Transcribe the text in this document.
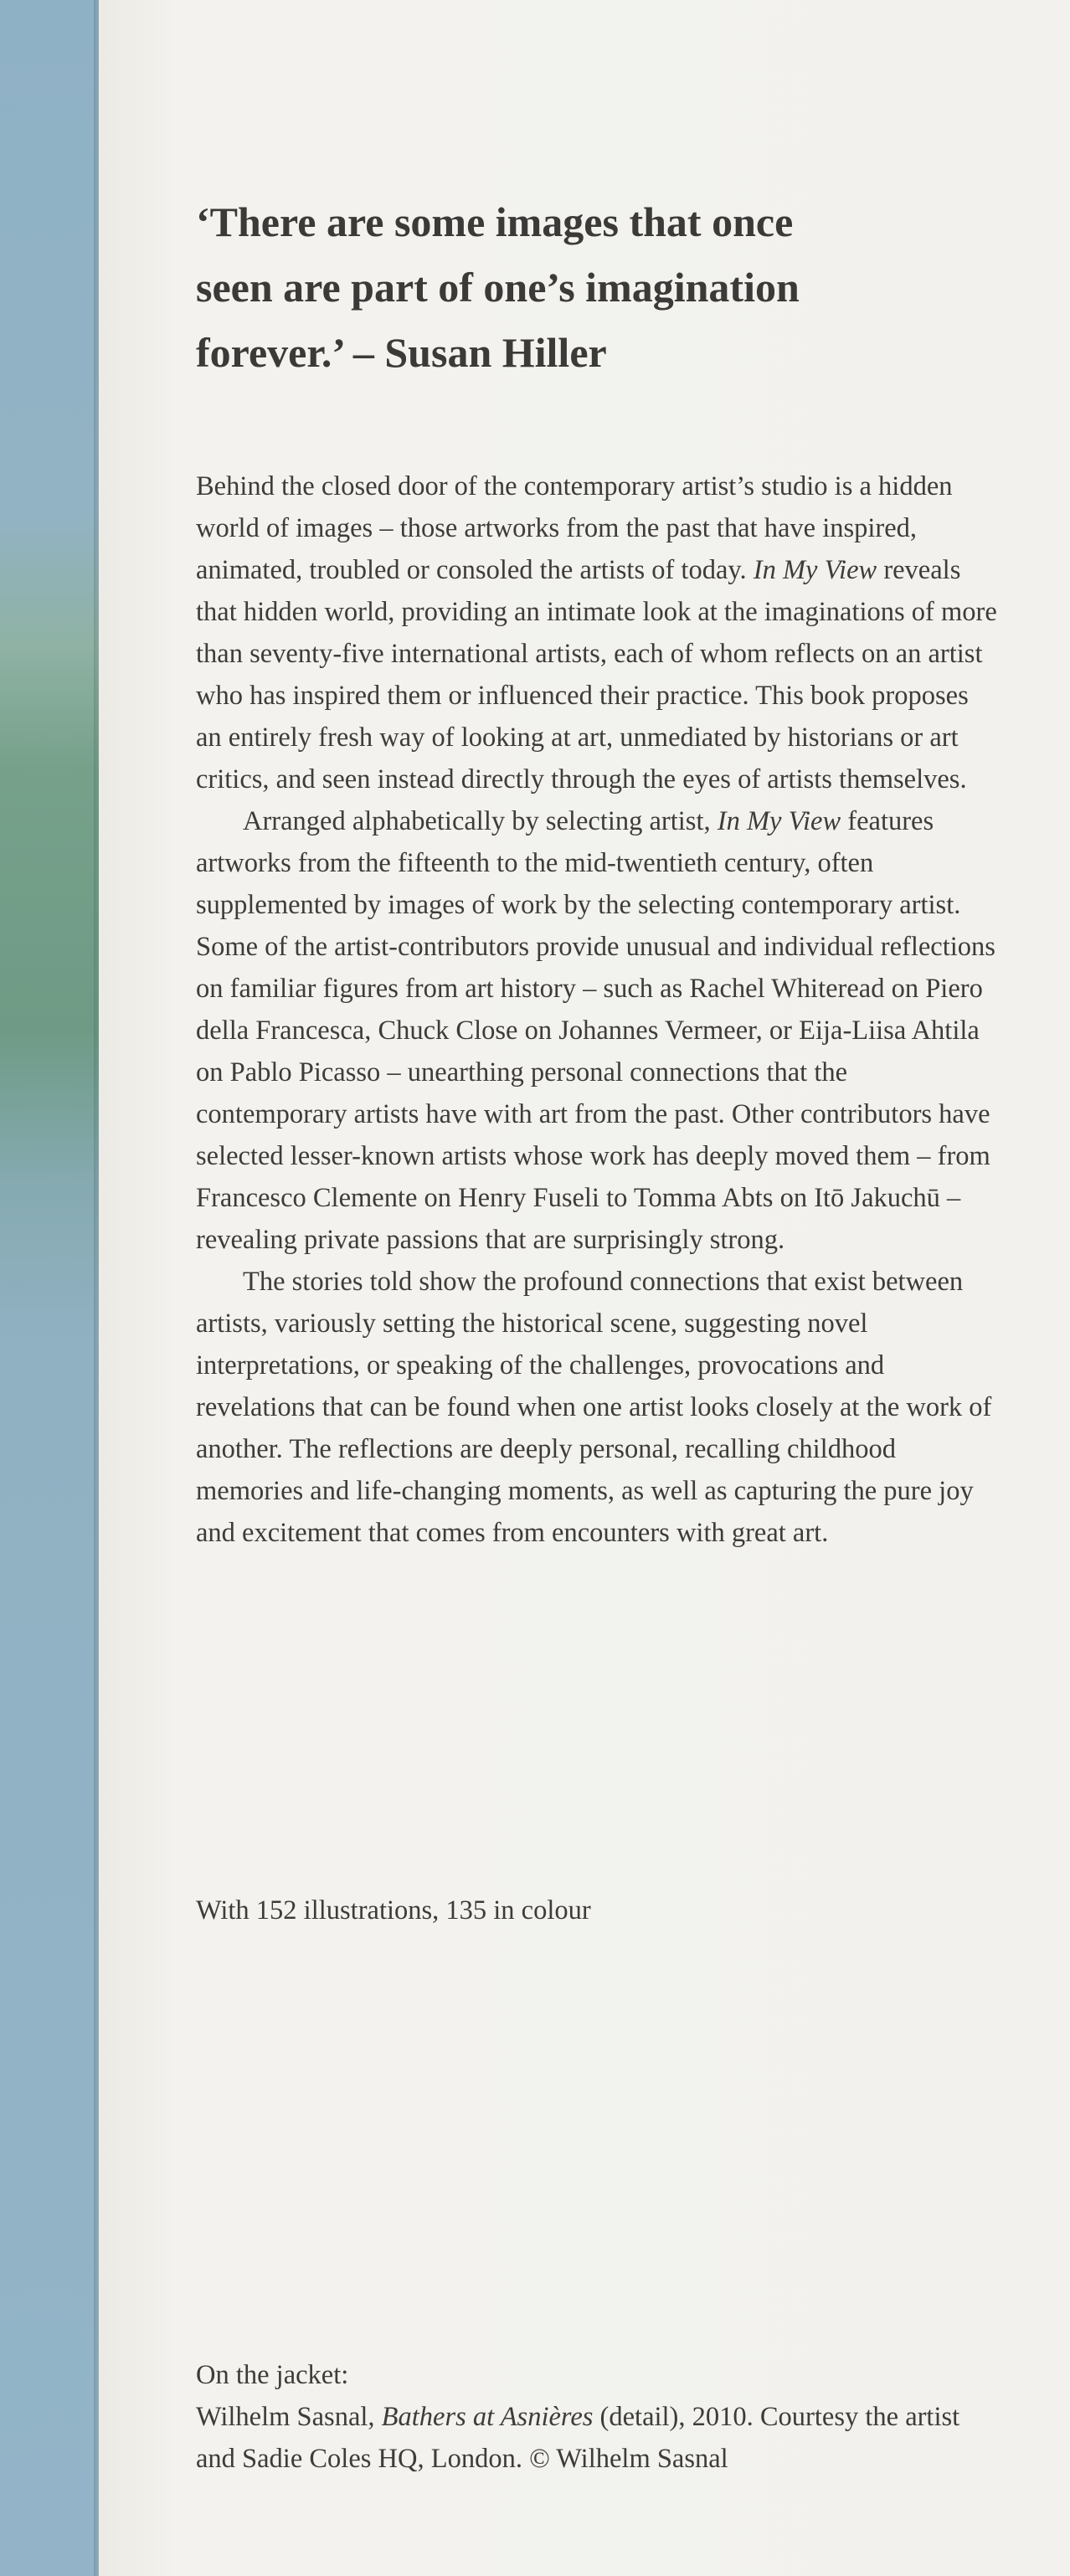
‘There are some images that once
seen are part of one’s imagination
forever.’ – Susan Hiller

Behind the closed door of the contemporary artist’s studio is a hidden world of images – those artworks from the past that have inspired, animated, troubled or consoled the artists of today. In My View reveals that hidden world, providing an intimate look at the imaginations of more than seventy-five international artists, each of whom reflects on an artist who has inspired them or influenced their practice. This book proposes an entirely fresh way of looking at art, unmediated by historians or art critics, and seen instead directly through the eyes of artists themselves.

Arranged alphabetically by selecting artist, In My View features artworks from the fifteenth to the mid-twentieth century, often supplemented by images of work by the selecting contemporary artist. Some of the artist-contributors provide unusual and individual reflections on familiar figures from art history – such as Rachel Whiteread on Piero della Francesca, Chuck Close on Johannes Vermeer, or Eija-Liisa Ahtila on Pablo Picasso – unearthing personal connections that the contemporary artists have with art from the past. Other contributors have selected lesser-known artists whose work has deeply moved them – from Francesco Clemente on Henry Fuseli to Tomma Abts on Itō Jakuchū – revealing private passions that are surprisingly strong.

The stories told show the profound connections that exist between artists, variously setting the historical scene, suggesting novel interpretations, or speaking of the challenges, provocations and revelations that can be found when one artist looks closely at the work of another. The reflections are deeply personal, recalling childhood memories and life-changing moments, as well as capturing the pure joy and excitement that comes from encounters with great art.

With 152 illustrations, 135 in colour

On the jacket:
Wilhelm Sasnal, Bathers at Asnières (detail), 2010. Courtesy the artist and Sadie Coles HQ, London. © Wilhelm Sasnal
